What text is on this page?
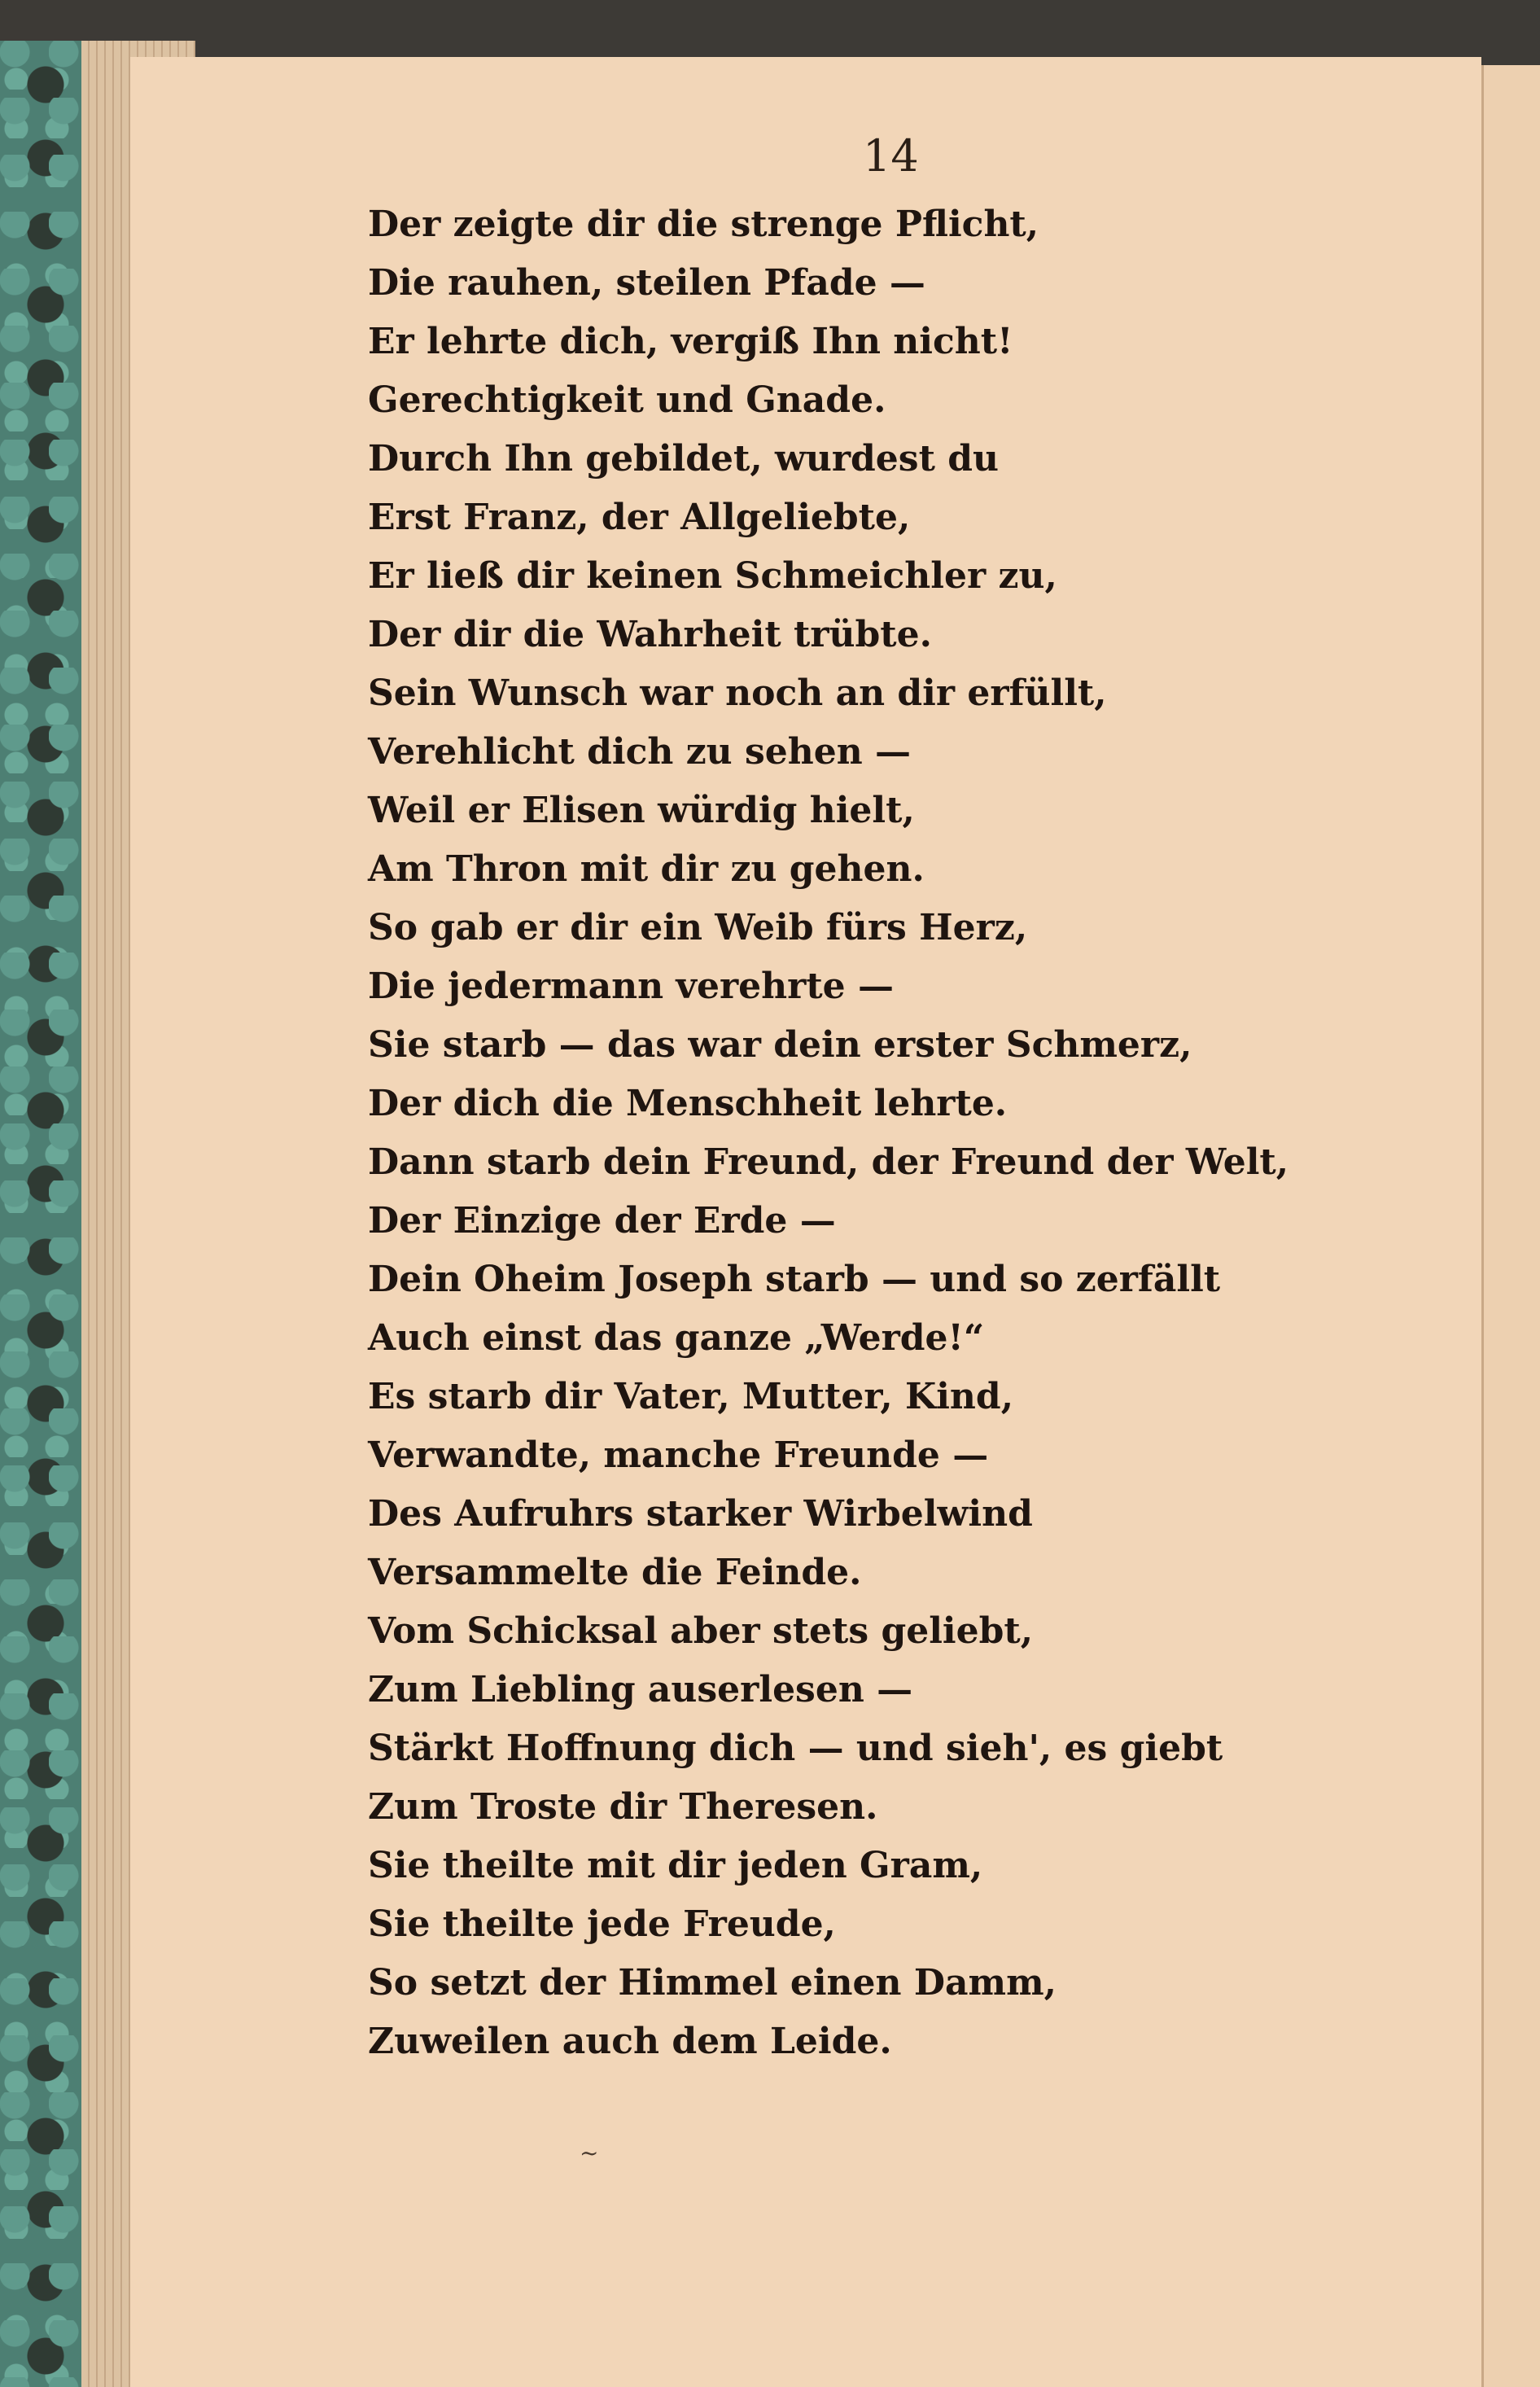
14
Der zeigte dir die strenge Pflicht,
Die rauhen, steilen Pfade —
Er lehrte dich, vergiß Ihn nicht!
Gerechtigkeit und Gnade.
Durch Ihn gebildet, wurdest du
Erst Franz, der Allgeliebte,
Er ließ dir keinen Schmeichler zu,
Der dir die Wahrheit trübte.
Sein Wunsch war noch an dir erfüllt,
Verehlicht dich zu sehen —
Weil er Elisen würdig hielt,
Am Thron mit dir zu gehen.
So gab er dir ein Weib fürs Herz,
Die jedermann verehrte —
Sie starb — das war dein erster Schmerz,
Der dich die Menschheit lehrte.
Dann starb dein Freund, der Freund der Welt,
Der Einzige der Erde —
Dein Oheim Joseph starb — und so zerfällt
Auch einst das ganze „Werde!“
Es starb dir Vater, Mutter, Kind,
Verwandte, manche Freunde —
Des Aufruhrs starker Wirbelwind
Versammelte die Feinde.
Vom Schicksal aber stets geliebt,
Zum Liebling auserlesen —
Stärkt Hoffnung dich — und sieh', es giebt
Zum Troste dir Theresen.
Sie theilte mit dir jeden Gram,
Sie theilte jede Freude,
So setzt der Himmel einen Damm,
Zuweilen auch dem Leide.
~
